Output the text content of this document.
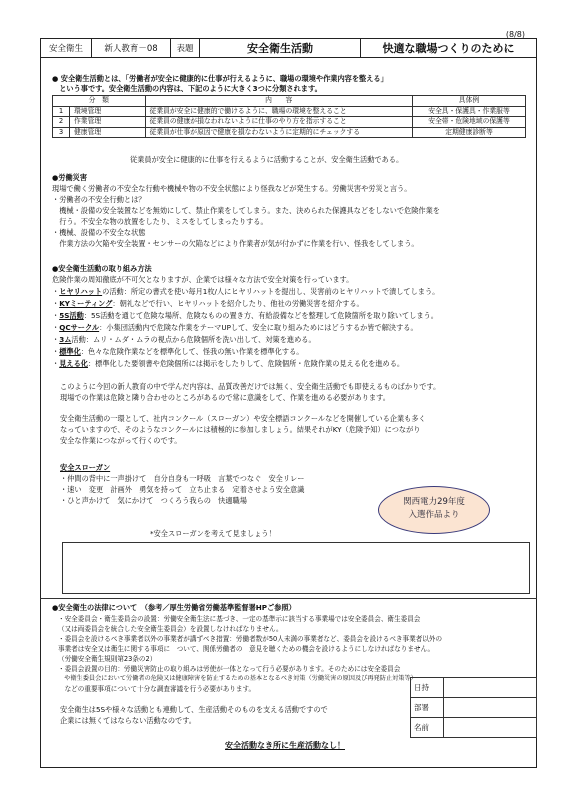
(8/8)
安全衛生	新人教育－08	表題	安全衛生活動	快適な職場つくりのために
● 安全衛生活動とは、「労働者が安全に健康的に仕事が行えるように、職場の環境や作業内容を整える」
　という事です。安全衛生活動の内容は、下記のように大きく3つに分類されます。
分　類		内　　容	具体例
1	環境管理	従業員が安全に健康的で働けるように、職場の環境を整えること	安全具・保護具・作業服等
2	作業管理	従業員の健康が損なわれないように仕事のやり方を指示すること	安全帯・危険地域の保護等
3	健康管理	従業員が仕事が原因で健康を損なわないように定期的にチェックする	定期健康診断等
従業員が安全に健康的に仕事を行えるように活動することが、安全衛生活動である。
●労働災害
現場で働く労働者の不安全な行動や機械や物の不安全状態により怪我などが発生する。労働災害や労災と言う。
・労働者の不安全行動とは？
　機械・設備の安全装置などを無効にして、禁止作業をしてしまう。また、決められた保護具などをしないで危険作業を
　行う。不安全な物の放置をしたり、ミスをしてしまったりする。
・機械、設備の不安全な状態
　作業方法の欠陥や安全装置・センサーの欠陥などにより作業者が気が付かずに作業を行い、怪我をしてしまう。
●安全衛生活動の取り組み方法
危険作業の周知徹底が不可欠となりますが、企業では様々な方法で安全対策を行っています。
・ヒヤリハットの活動：所定の書式を使い毎月1枚/人にヒヤリハットを提出し、災害前のヒヤリハットで潰してしまう。
・KYミーティング：朝礼などで行い、ヒヤリハットを紹介したり、他社の労働災害を紹介する。
・5S活動：5S活動を通じて危険な場所、危険なものの置き方、有給設備などを整理して危険箇所を取り除いてしまう。
・QCサークル：小集団活動内で危険な作業をテーマUPして、安全に取り組みためにはどうするか皆で解決する。
・3ム活動：ムリ・ムダ・ムラの視点から危険個所を洗い出して、対策を進める。
・標準化：色々な危険作業などを標準化して、怪我の無い作業を標準化する。
・見える化：標準化した要領書や危険個所には掲示をしたりして、危険個所・危険作業の見える化を進める。
このように今回の新人教育の中で学んだ内容は、品質改善だけでは無く、安全衛生活動でも即使えるものばかりです。
現場での作業は危険と隣り合わせのところがあるので常に意識をして、作業を進める必要があります。
安全衛生活動の一環として、社内コンクール（スローガン）や安全標語コンクールなどを開催している企業も多く
なっていますので、そのようなコンクールには積極的に参加しましょう。結果それがKY（危険予知）につながり
安全な作業につながって行くのです。
安全スローガン
・仲間の背中に一声掛けて　自分自身も一呼吸　言葉でつなぐ　安全リレー
・速い　変更　計画外　勇気を持って　立ち止まる　定着させよう安全意識
・ひと声かけて　気にかけて　つくろう我らの　快適職場	関西電力29年度
入選作品より
*安全スローガンを考えて見ましょう！
●安全衛生の法律について　（参考／厚生労働省労働基準監督署HPご参照）
・安全委員会・衛生委員会の設置：労働安全衛生法に基づき、一定の基準示に該当する事業場では安全委員会、衛生委員会
（又は両委員会を統合した安全衛生委員会）を設置しなければなりません。
・委員会を設けるべき事業者以外の事業者が講ずべき措置：労働者数が50人未満の事業者など、委員会を設けるべき事業者以外の
事業者は安全又は衛生に関する事項に　ついて、関係労働者の　意見を聴くための機会を設けるようにしなければなりません。
（労働安全衛生規則第23条の2）
・委員会設置の目的：労働災害防止の取り組みは労使が一体となって行う必要があります。そのためには安全委員会
　や衛生委員会において労働者の危険又は健康障害を防止するための基本となるべき対策（労働災害の原因及び再発防止対策等）
　などの重要事項について十分な調査審議を行う必要があります。
安全衛生は5Sや様々な活動とも連動して、生産活動そのものを支える活動ですので
企業には無くてはならない活動なのです。
安全活動なき所に生産活動なし！
日持	
部署	
名前	
